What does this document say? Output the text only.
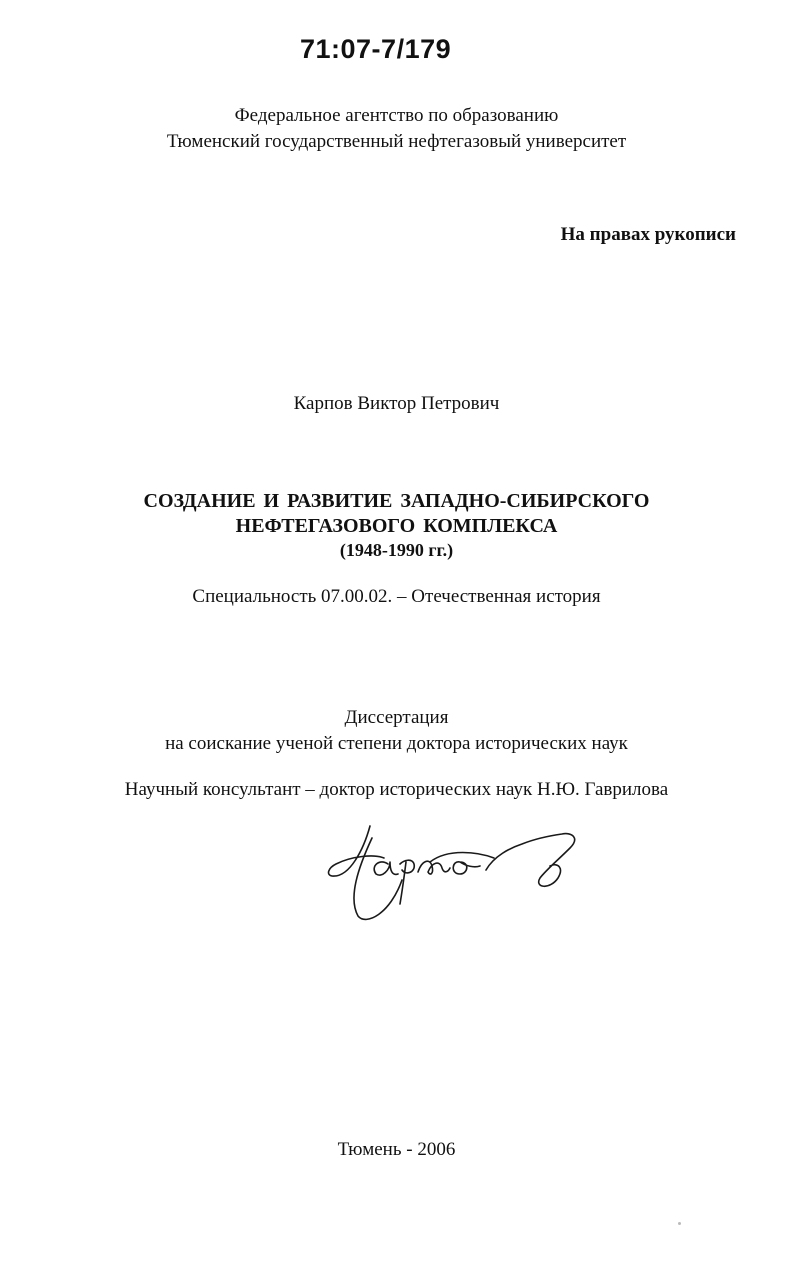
71:07-7/179
Федеральное агентство по образованию
Тюменский государственный нефтегазовый университет
На правах рукописи
Карпов Виктор Петрович
СОЗДАНИЕ И РАЗВИТИЕ ЗАПАДНО-СИБИРСКОГО
НЕФТЕГАЗОВОГО КОМПЛЕКСА
(1948-1990 гг.)
Специальность 07.00.02. – Отечественная история
Диссертация
на соискание ученой степени доктора исторических наук
Научный консультант – доктор исторических наук Н.Ю. Гаврилова
Тюмень - 2006
